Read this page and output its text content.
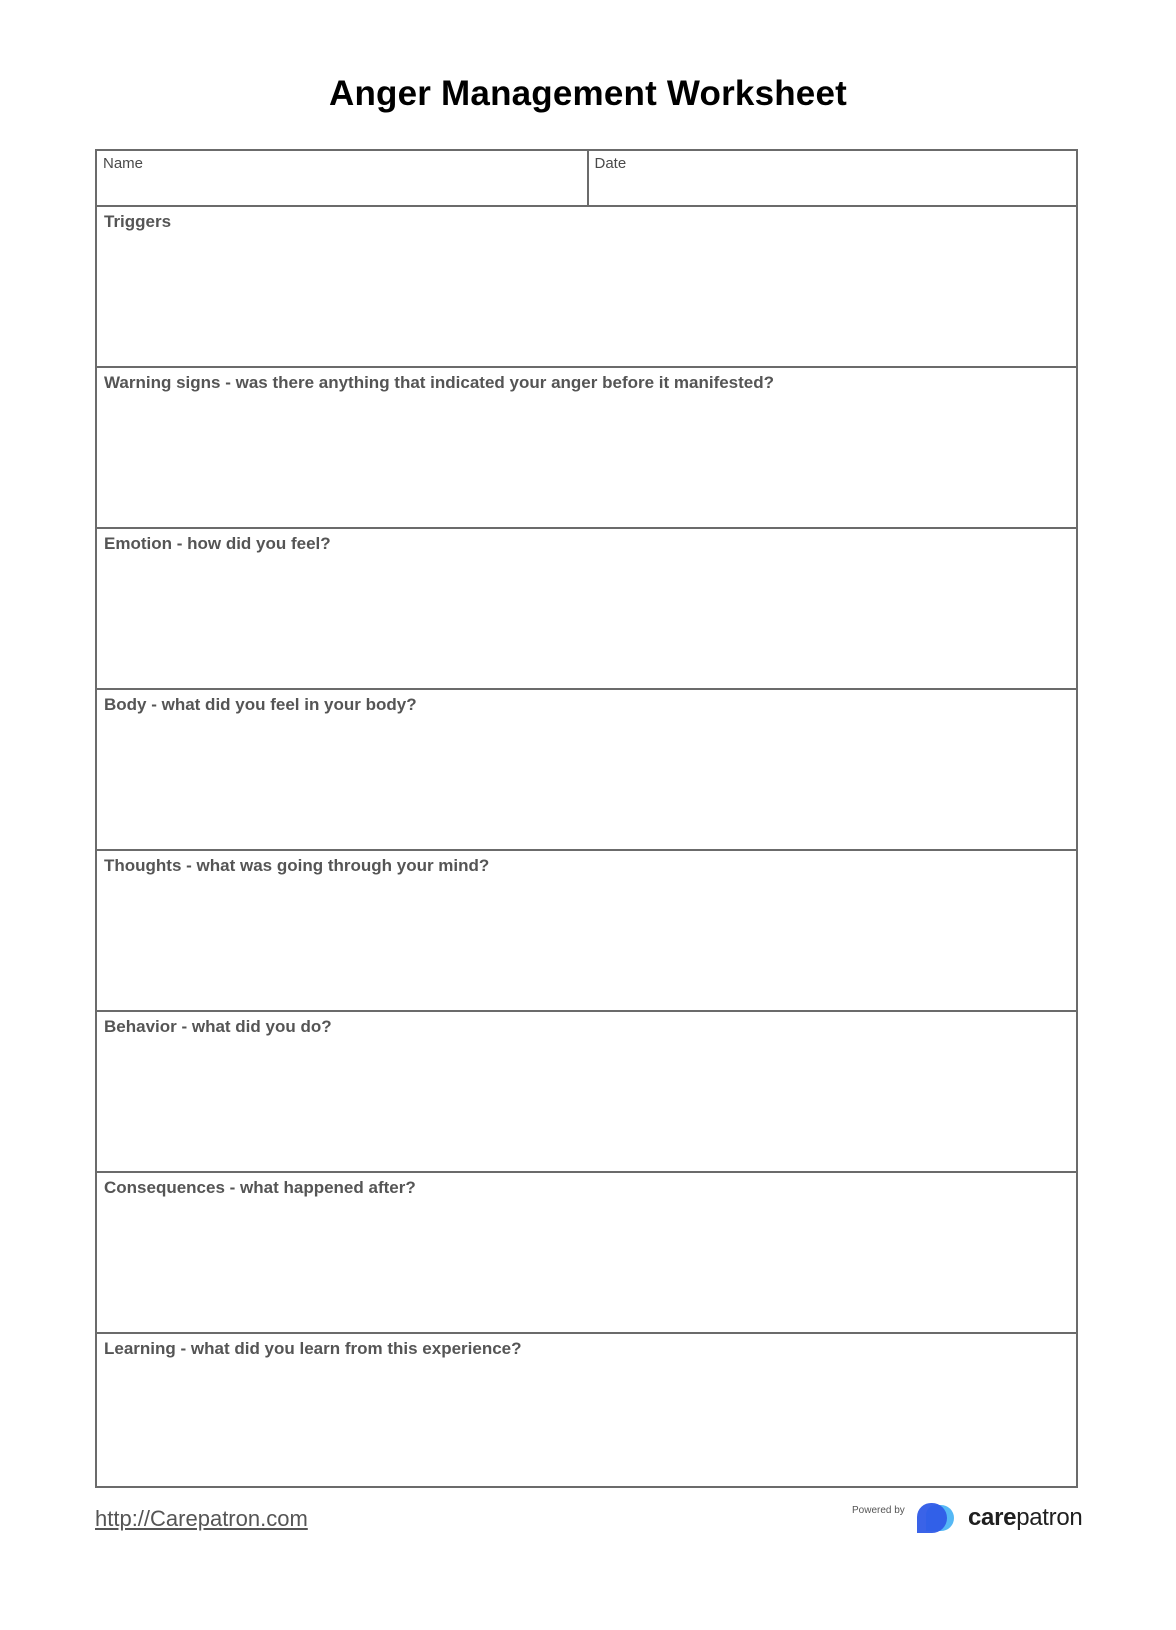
Anger Management Worksheet
Name	Date
Triggers
Warning signs - was there anything that indicated your anger before it manifested?
Emotion - how did you feel?
Body - what did you feel in your body?
Thoughts - what was going through your mind?
Behavior - what did you do?
Consequences - what happened after?
Learning - what did you learn from this experience?
http://Carepatron.com	Powered by	carepatron
